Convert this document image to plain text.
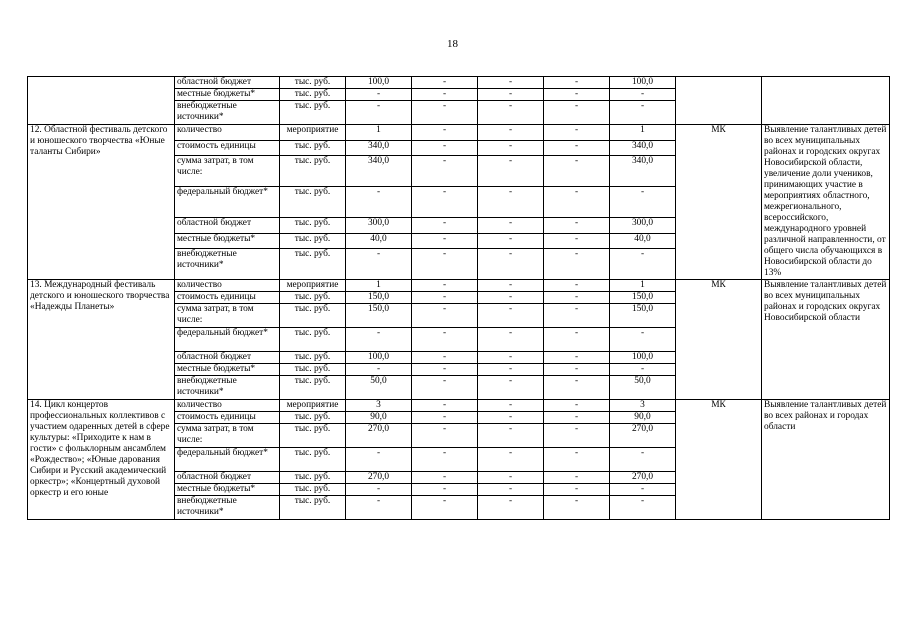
18
	областной бюджет	тыс. руб.	100,0	-	-	-	100,0		
	местные бюджеты*	тыс. руб.	-	-	-	-	-		
	внебюджетные источники*	тыс. руб.	-	-	-	-	-		
12. Областной фестиваль детского и юношеского творчества «Юные таланты Сибири»	количество	мероприятие	1	-	-	-	1	МК	Выявление талантливых детей во всех муниципальных районах и городских округах Новосибирской области, увеличение доли учеников, принимающих участие в мероприятиях областного, межрегионального, всероссийского, международного уровней различной направленности, от общего числа обучающихся в Новосибирской области до 13%
	стоимость единицы	тыс. руб.	340,0	-	-	-	340,0		
	сумма затрат, в том числе:	тыс. руб.	340,0	-	-	-	340,0		
	федеральный бюджет*	тыс. руб.	-	-	-	-	-		
	областной бюджет	тыс. руб.	300,0	-	-	-	300,0		
	местные бюджеты*	тыс. руб.	40,0	-	-	-	40,0		
	внебюджетные источники*	тыс. руб.	-	-	-	-	-		
13. Международный фестиваль детского и юношеского творчества «Надежды Планеты»	количество	мероприятие	1	-	-	-	1	МК	Выявление талантливых детей во всех муниципальных районах и городских округах Новосибирской области
	стоимость единицы	тыс. руб.	150,0	-	-	-	150,0		
	сумма затрат, в том числе:	тыс. руб.	150,0	-	-	-	150,0		
	федеральный бюджет*	тыс. руб.	-	-	-	-	-		
	областной бюджет	тыс. руб.	100,0	-	-	-	100,0		
	местные бюджеты*	тыс. руб.	-	-	-	-	-		
	внебюджетные источники*	тыс. руб.	50,0	-	-	-	50,0		
14. Цикл концертов профессиональных коллективов с участием одаренных детей в сфере культуры: «Приходите к нам в гости» с фольклорным ансамблем «Рождество»; «Юные дарования Сибири и Русский академический оркестр»; «Концертный духовой оркестр и его юные	количество	мероприятие	3	-	-	-	3	МК	Выявление талантливых детей во всех районах и городах области
	стоимость единицы	тыс. руб.	90,0	-	-	-	90,0		
	сумма затрат, в том числе:	тыс. руб.	270,0	-	-	-	270,0		
	федеральный бюджет*	тыс. руб.	-	-	-	-	-		
	областной бюджет	тыс. руб.	270,0	-	-	-	270,0		
	местные бюджеты*	тыс. руб.	-	-	-	-	-		
	внебюджетные источники*	тыс. руб.	-	-	-	-	-		
